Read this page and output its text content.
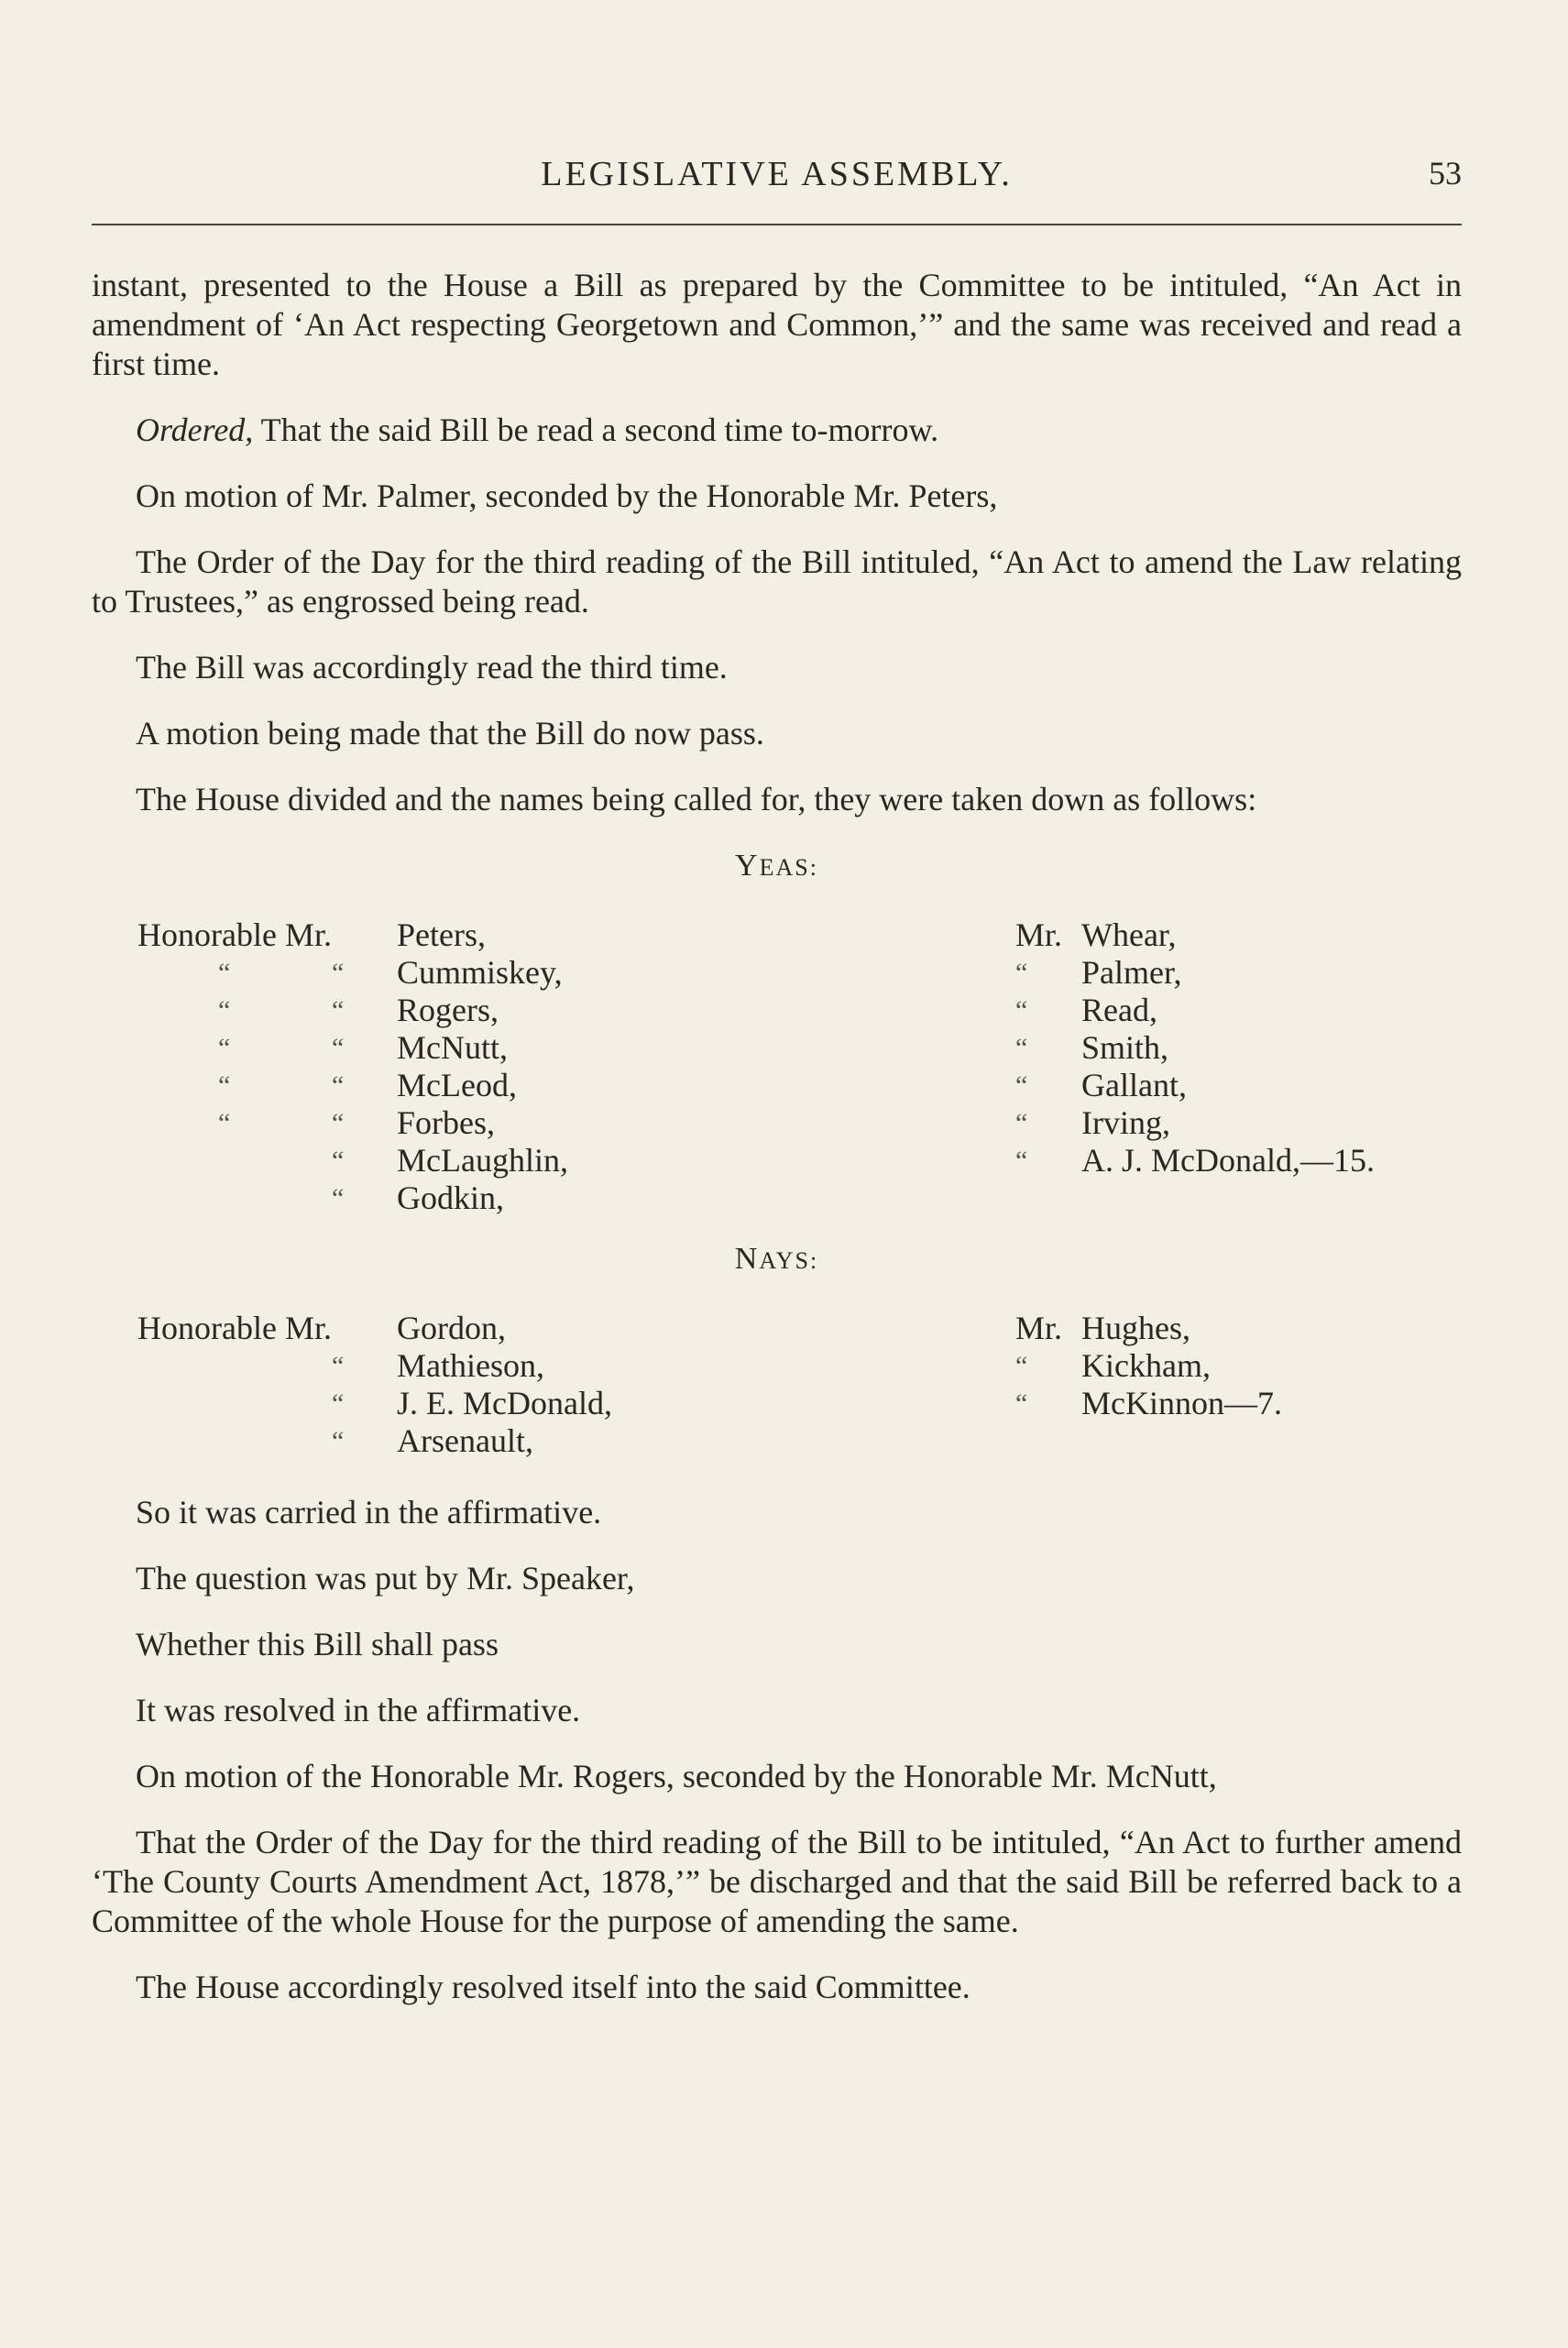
LEGISLATIVE ASSEMBLY.	53

instant, presented to the House a Bill as prepared by the Committee to be intituled, “An Act in amendment of ‘An Act respecting Georgetown and Common,’” and the same was received and read a first time.

Ordered, That the said Bill be read a second time to-morrow.

On motion of Mr. Palmer, seconded by the Honorable Mr. Peters,

The Order of the Day for the third reading of the Bill intituled, “An Act to amend the Law relating to Trustees,” as engrossed being read.

The Bill was accordingly read the third time.

A motion being made that the Bill do now pass.

The House divided and the names being called for, they were taken down as follows:

YEAS:
Honorable Mr. Peters,
“	“ Cummiskey,
“	“ Rogers,
“	“ McNutt,
“	“ McLeod,
“	“ Forbes,
“ McLaughlin,
“ Godkin,
Mr. Whear,
“ Palmer,
“ Read,
“ Smith,
“ Gallant,
“ Irving,
“ A. J. McDonald,—15.
NAYS:
Honorable Mr. Gordon,
“ Mathieson,
“ J. E. McDonald,
“ Arsenault,
Mr. Hughes,
“ Kickham,
“ McKinnon—7.

So it was carried in the affirmative.

The question was put by Mr. Speaker,

Whether this Bill shall pass

It was resolved in the affirmative.

On motion of the Honorable Mr. Rogers, seconded by the Honorable Mr. McNutt,

That the Order of the Day for the third reading of the Bill to be intituled, “An Act to further amend ‘The County Courts Amendment Act, 1878,’” be discharged and that the said Bill be referred back to a Committee of the whole House for the purpose of amending the same.

The House accordingly resolved itself into the said Committee.
